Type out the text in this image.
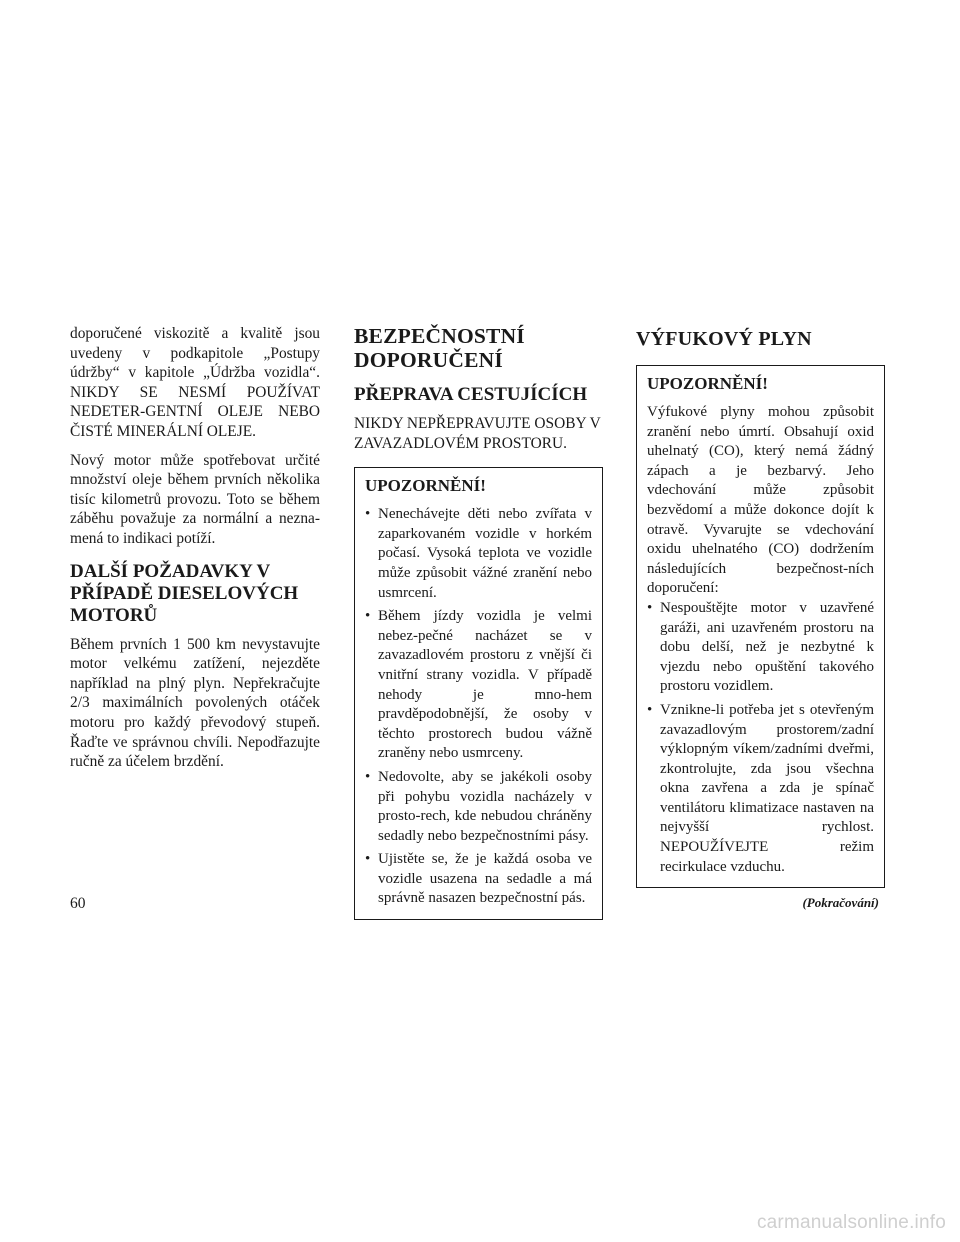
doporučené viskozitě a kvalitě jsou uvedeny v podkapitole „Postupy údržby“ v kapitole „Údržba vozidla“. NIKDY SE NESMÍ POUŽÍVAT NEDETER-GENTNÍ OLEJE NEBO ČISTÉ MINERÁLNÍ OLEJE.

Nový motor může spotřebovat určité množství oleje během prvních několika tisíc kilometrů provozu. Toto se během záběhu považuje za normální a nezna-mená to indikaci potíží.

DALŠÍ POŽADAVKY V PŘÍPADĚ DIESELOVÝCH MOTORŮ

Během prvních 1 500 km nevystavujte motor velkému zatížení, nejezděte například na plný plyn. Nepřekračujte 2/3 maximálních povolených otáček motoru pro každý převodový stupeň. Řaďte ve správnou chvíli. Nepodřazujte ručně za účelem brzdění.

BEZPEČNOSTNÍ DOPORUČENÍ
PŘEPRAVA CESTUJÍCÍCH

NIKDY NEPŘEPRAVUJTE OSOBY V ZAVAZADLOVÉM PROSTORU.

UPOZORNĚNÍ!
• Nenechávejte děti nebo zvířata v zaparkovaném vozidle v horkém počasí. Vysoká teplota ve vozidle může způsobit vážné zranění nebo usmrcení.
• Během jízdy vozidla je velmi nebez-pečné nacházet se v zavazadlovém prostoru z vnější či vnitřní strany vozidla. V případě nehody je mno-hem pravděpodobnější, že osoby v těchto prostorech budou vážně zraněny nebo usmrceny.
• Nedovolte, aby se jakékoli osoby při pohybu vozidla nacházely v prosto-rech, kde nebudou chráněny sedadly nebo bezpečnostními pásy.
• Ujistěte se, že je každá osoba ve vozidle usazena na sedadle a má správně nasazen bezpečnostní pás.
VÝFUKOVÝ PLYN
UPOZORNĚNÍ!

Výfukové plyny mohou způsobit zranění nebo úmrtí. Obsahují oxid uhelnatý (CO), který nemá žádný zápach a je bezbarvý. Jeho vdechování může způsobit bezvědomí a může dokonce dojít k otravě. Vyvarujte se vdechování oxidu uhelnatého (CO) dodržením následujících bezpečnost-ních doporučení:

• Nespouštějte motor v uzavřené garáži, ani uzavřeném prostoru na dobu delší, než je nezbytné k vjezdu nebo opuštění takového prostoru vozidlem.
• Vznikne-li potřeba jet s otevřeným zavazadlovým prostorem/zadní výklopným víkem/zadními dveřmi, zkontrolujte, zda jsou všechna okna zavřena a zda je spínač ventilátoru klimatizace nastaven na nejvyšší rychlost. NEPOUŽÍVEJTE režim recirkulace vzduchu.
(Pokračování)
60
carmanualsonline.info
